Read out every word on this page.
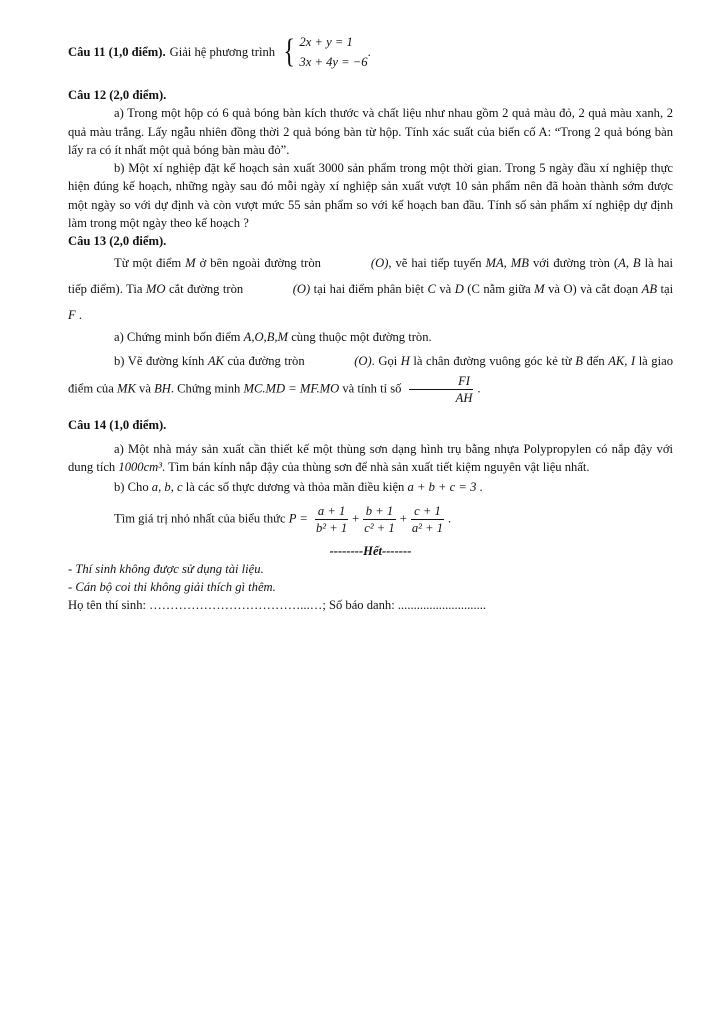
Câu 11 (1,0 điểm). Giải hệ phương trình { 2x + y = 1
3x + 4y = −6
.

Câu 12 (2,0 điểm).

a) Trong một hộp có 6 quả bóng bàn kích thước và chất liệu như nhau gồm 2 quả màu đỏ, 2 quả màu xanh, 2 quả màu trắng. Lấy ngẫu nhiên đồng thời 2 quả bóng bàn từ hộp. Tính xác suất của biến cố A: “Trong 2 quả bóng bàn lấy ra có ít nhất một quả bóng bàn màu đỏ”.

b) Một xí nghiệp đặt kế hoạch sản xuất 3000 sản phẩm trong một thời gian. Trong 5 ngày đầu xí nghiệp thực hiện đúng kế hoạch, những ngày sau đó mỗi ngày xí nghiệp sản xuất vượt 10 sản phẩm nên đã hoàn thành sớm được một ngày so với dự định và còn vượt mức 55 sản phẩm so với kế hoạch ban đầu. Tính số sản phẩm xí nghiệp dự định làm trong một ngày theo kế hoạch ?

Câu 13 (2,0 điểm).

Từ một điểm M ở bên ngoài đường tròn	(O), vẽ hai tiếp tuyến MA, MB với đường tròn (A, B là hai tiếp điểm). Tia MO cắt đường tròn	(O) tại hai điểm phân biệt C và D (C nằm giữa M và O) và cắt đoạn AB tại F .

a) Chứng minh bốn điểm A,O,B,M cùng thuộc một đường tròn.

b) Vẽ đường kính AK của đường tròn	(O). Gọi H là chân đường vuông góc kẻ từ B đến AK, I là giao điểm của MK và BH. Chứng minh MC.MD = MF.MO và tính tỉ số $\frac{FI}{AH}$ .

Câu 14 (1,0 điểm).

a) Một nhà máy sản xuất cần thiết kế một thùng sơn dạng hình trụ bằng nhựa Polypropylen có nắp đậy với dung tích 1000cm³. Tìm bán kính nắp đậy của thùng sơn để nhà sản xuất tiết kiệm nguyên vật liệu nhất.

b) Cho a, b, c là các số thực dương và thỏa mãn điều kiện a + b + c = 3 .

Tìm giá trị nhỏ nhất của biểu thức $P = \frac{a + 1}{\text{b² + 1}} + \frac{b + 1}{\text{c² + 1}} + \frac{c + 1}{\text{a² + 1}}$ .

--------Hết-------

- Thí sinh không được sử dụng tài liệu.

- Cán bộ coi thi không giải thích gì thêm.

Họ tên thí sinh: ………………………………...…; Số báo danh: ............................
